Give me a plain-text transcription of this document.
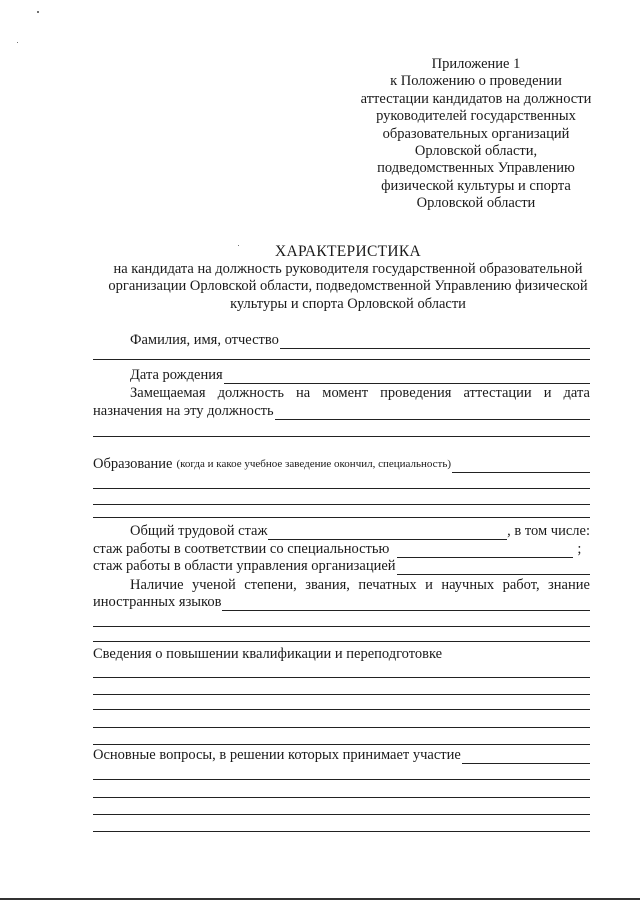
Приложение 1
к Положению о проведении
аттестации кандидатов на должности
руководителей государственных
образовательных организаций
Орловской области,
подведомственных Управлению
физической культуры и спорта
Орловской области
ХАРАКТЕРИСТИКА
на кандидата на должность руководителя государственной образовательной
организации Орловской области, подведомственной Управлению физической
культуры и спорта Орловской области
Фамилия, имя, отчество
Дата рождения
Замещаемая должность на момент проведения аттестации и дата
назначения на эту должность
Образование (когда и какое учебное заведение окончил, специальность)
Общий трудовой стаж	, в том числе:
стаж работы в соответствии со специальностью	;
стаж работы в области управления организацией
Наличие ученой степени, звания, печатных и научных работ, знание
иностранных языков
Сведения о повышении квалификации и переподготовке
Основные вопросы, в решении которых принимает участие
